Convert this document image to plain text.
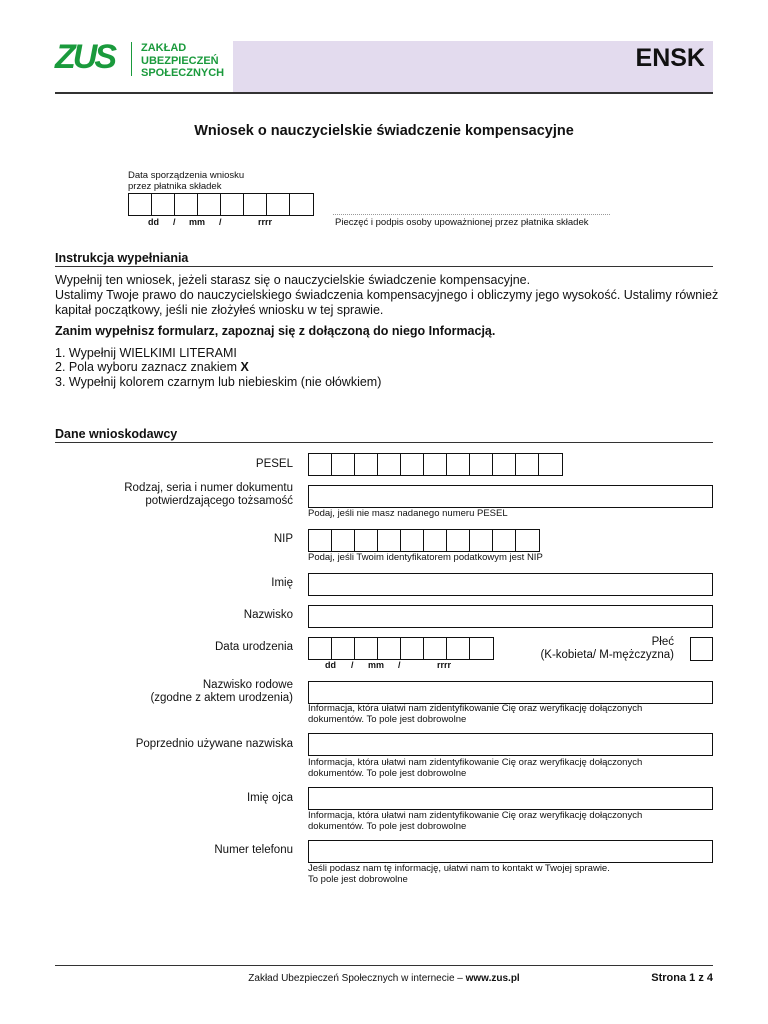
ZUS ZAKŁAD
UBEZPIECZEŃ
SPOŁECZNYCH
ENSK
Wniosek o nauczycielskie świadczenie kompensacyjne
Data sporządzenia wniosku
przez płatnika składek
dd / mm /	rrrr	Pieczęć i podpis osoby upoważnionej przez płatnika składek
Instrukcja wypełniania
Wypełnij ten wniosek, jeżeli starasz się o nauczycielskie świadczenie kompensacyjne.
Ustalimy Twoje prawo do nauczycielskiego świadczenia kompensacyjnego i obliczymy jego wysokość. Ustalimy również kapitał początkowy, jeśli nie złożyłeś wniosku w tej sprawie.
Zanim wypełnisz formularz, zapoznaj się z dołączoną do niego Informacją.
1. Wypełnij WIELKIMI LITERAMI
2. Pola wyboru zaznacz znakiem X
3. Wypełnij kolorem czarnym lub niebieskim (nie ołówkiem)
Dane wnioskodawcy
PESEL
Rodzaj, seria i numer dokumentu
potwierdzającego tożsamość
Podaj, jeśli nie masz nadanego numeru PESEL
NIP
Podaj, jeśli Twoim identyfikatorem podatkowym jest NIP
Imię
Nazwisko
Data urodzenia
dd / mm /	rrrr
Płeć
(K-kobieta/ M-mężczyzna)
Nazwisko rodowe
(zgodne z aktem urodzenia)
Informacja, która ułatwi nam zidentyfikowanie Cię oraz weryfikację dołączonych
dokumentów. To pole jest dobrowolne
Poprzednio używane nazwiska
Informacja, która ułatwi nam zidentyfikowanie Cię oraz weryfikację dołączonych
dokumentów. To pole jest dobrowolne
Imię ojca
Informacja, która ułatwi nam zidentyfikowanie Cię oraz weryfikację dołączonych
dokumentów. To pole jest dobrowolne
Numer telefonu
Jeśli podasz nam tę informację, ułatwi nam to kontakt w Twojej sprawie.
To pole jest dobrowolne
Zakład Ubezpieczeń Społecznych w internecie – www.zus.pl	Strona 1 z 4
